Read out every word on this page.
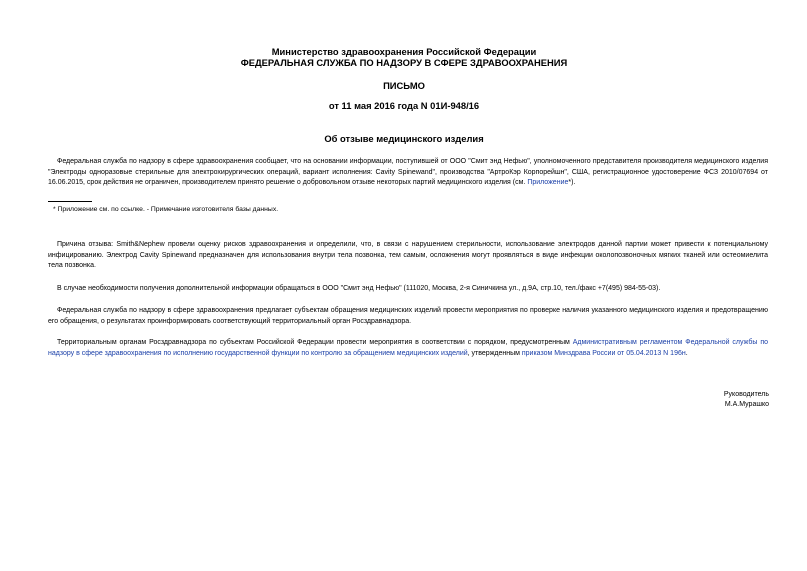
Министерство здравоохранения Российской Федерации
ФЕДЕРАЛЬНАЯ СЛУЖБА ПО НАДЗОРУ В СФЕРЕ ЗДРАВООХРАНЕНИЯ
ПИСЬМО
от 11 мая 2016 года N 01И-948/16
Об отзыве медицинского изделия

Федеральная служба по надзору в сфере здравоохранения сообщает, что на основании информации, поступившей от ООО "Смит энд Нефью", уполномоченного представителя производителя медицинского изделия "Электроды одноразовые стерильные для электрохирургических операций, вариант исполнения: Cavity Spinewand", производства "АртроКэр Корпорейшн", США, регистрационное удостоверение ФСЗ 2010/07694 от 16.06.2015, срок действия не ограничен, производителем принято решение о добровольном отзыве некоторых партий медицинского изделия (см. Приложение*).

* Приложение см. по ссылке. - Примечание изготовителя базы данных.

Причина отзыва: Smith&Nephew провели оценку рисков здравоохранения и определили, что, в связи с нарушением стерильности, использование электродов данной партии может привести к потенциальному инфицированию. Электрод Cavity Spinewand предназначен для использования внутри тела позвонка, тем самым, осложнения могут проявляться в виде инфекции околопозвоночных мягких тканей или остеомиелита тела позвонка.

В случае необходимости получения дополнительной информации обращаться в ООО "Смит энд Нефью" (111020, Москва, 2-я Синичкина ул., д.9А, стр.10, тел./факс +7(495) 984-55-03).

Федеральная служба по надзору в сфере здравоохранения предлагает субъектам обращения медицинских изделий провести мероприятия по проверке наличия указанного медицинского изделия и предотвращению его обращения, о результатах проинформировать соответствующий территориальный орган Росздравнадзора.

Территориальным органам Росздравнадзора по субъектам Российской Федерации провести мероприятия в соответствии с порядком, предусмотренным Административным регламентом Федеральной службы по надзору в сфере здравоохранения по исполнению государственной функции по контролю за обращением медицинских изделий, утвержденным приказом Минздрава России от 05.04.2013 N 196н.

Руководитель
М.А.Мурашко
